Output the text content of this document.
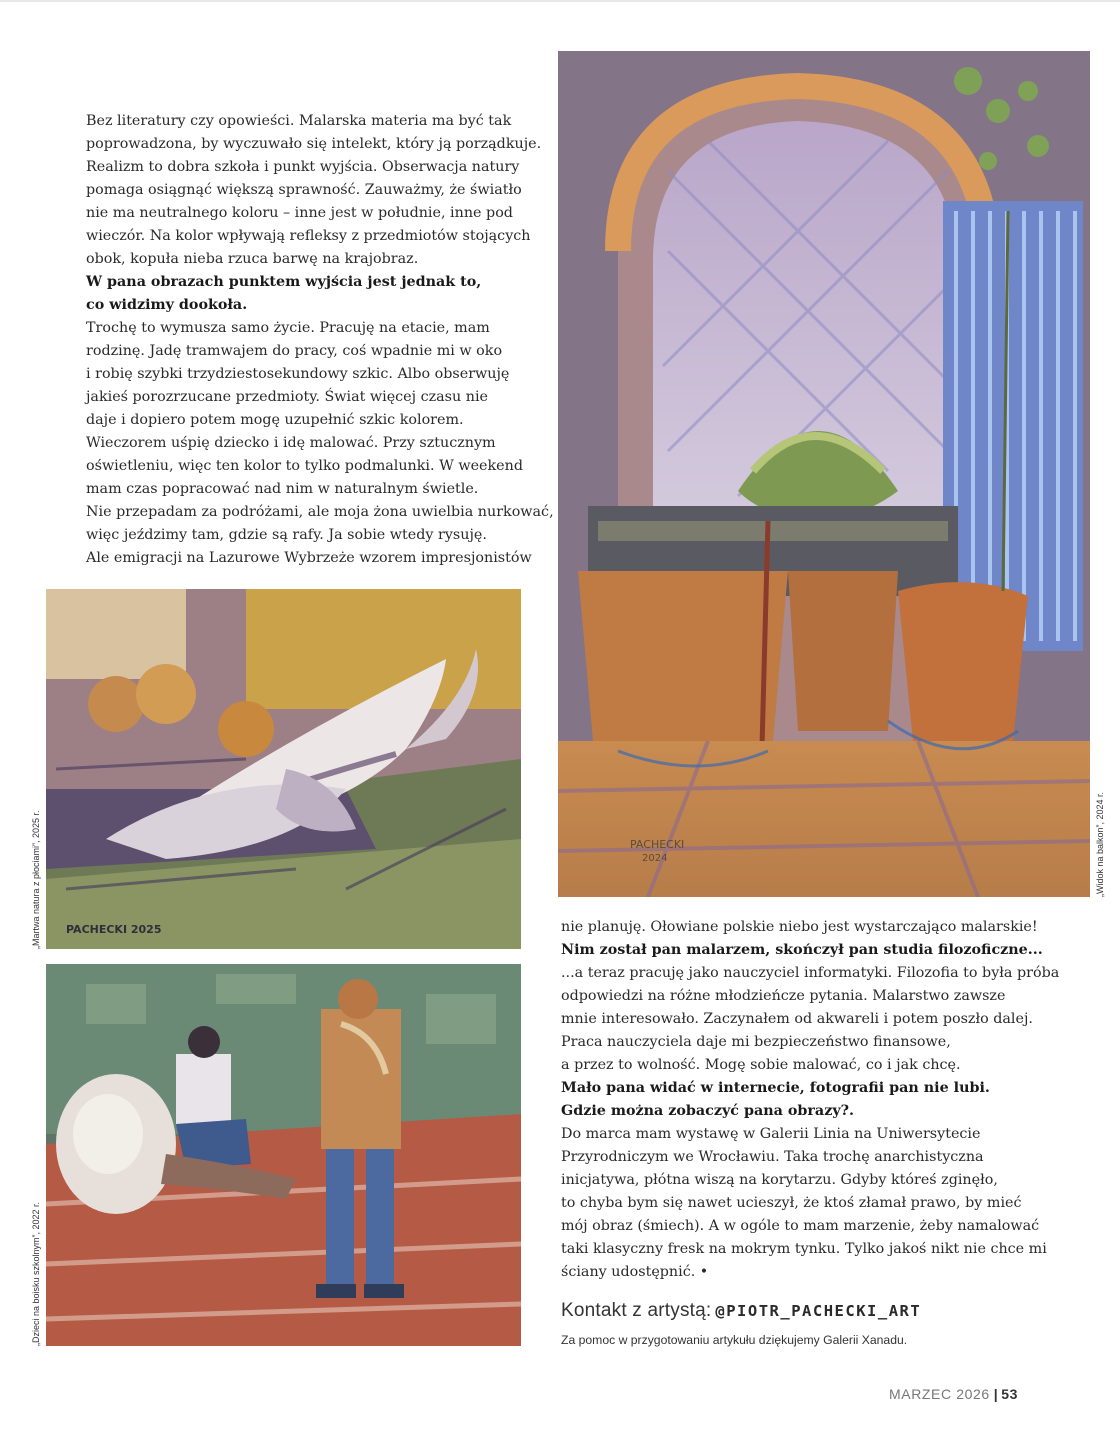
Bez literatury czy opowieści. Malarska materia ma być tak
poprowadzona, by wyczuwało się intelekt, który ją porządkuje.
Realizm to dobra szkoła i punkt wyjścia. Obserwacja natury
pomaga osiągnąć większą sprawność. Zauważmy, że światło
nie ma neutralnego koloru – inne jest w południe, inne pod
wieczór. Na kolor wpływają refleksy z przedmiotów stojących
obok, kopuła nieba rzuca barwę na krajobraz.
W pana obrazach punktem wyjścia jest jednak to,
co widzimy dookoła.
Trochę to wymusza samo życie. Pracuję na etacie, mam
rodzinę. Jadę tramwajem do pracy, coś wpadnie mi w oko
i robię szybki trzydziestosekundowy szkic. Albo obserwuję
jakieś porozrzucane przedmioty. Świat więcej czasu nie
daje i dopiero potem mogę uzupełnić szkic kolorem.
Wieczorem uśpię dziecko i idę malować. Przy sztucznym
oświetleniu, więc ten kolor to tylko podmalunki. W weekend
mam czas popracować nad nim w naturalnym świetle.
Nie przepadam za podróżami, ale moja żona uwielbia nurkować,
więc jeździmy tam, gdzie są rafy. Ja sobie wtedy rysuję.
Ale emigracji na Lazurowe Wybrzeże wzorem impresjonistów
PACHECKI
2024	„Widok na balkon”, 2024 r.
PACHECKI 2025
„Martwa natura z płociami”, 2025 r.
„Dzieci na boisku szkolnym”, 2022 r.
nie planuję. Ołowiane polskie niebo jest wystarczająco malarskie!
Nim został pan malarzem, skończył pan studia filozoficzne...
...a teraz pracuję jako nauczyciel informatyki. Filozofia to była próba
odpowiedzi na różne młodzieńcze pytania. Malarstwo zawsze
mnie interesowało. Zaczynałem od akwareli i potem poszło dalej.
Praca nauczyciela daje mi bezpieczeństwo finansowe,
a przez to wolność. Mogę sobie malować, co i jak chcę.
Mało pana widać w internecie, fotografii pan nie lubi.
Gdzie można zobaczyć pana obrazy?.
Do marca mam wystawę w Galerii Linia na Uniwersytecie
Przyrodniczym we Wrocławiu. Taka trochę anarchistyczna
inicjatywa, płótna wiszą na korytarzu. Gdyby któreś zginęło,
to chyba bym się nawet ucieszył, że ktoś złamał prawo, by mieć
mój obraz (śmiech). A w ogóle to mam marzenie, żeby namalować
taki klasyczny fresk na mokrym tynku. Tylko jakoś nikt nie chce mi
ściany udostępnić. •
Kontakt z artystą: @PIOTR_PACHECKI_ART
Za pomoc w przygotowaniu artykułu dziękujemy Galerii Xanadu.
MARZEC 2026 | 53
